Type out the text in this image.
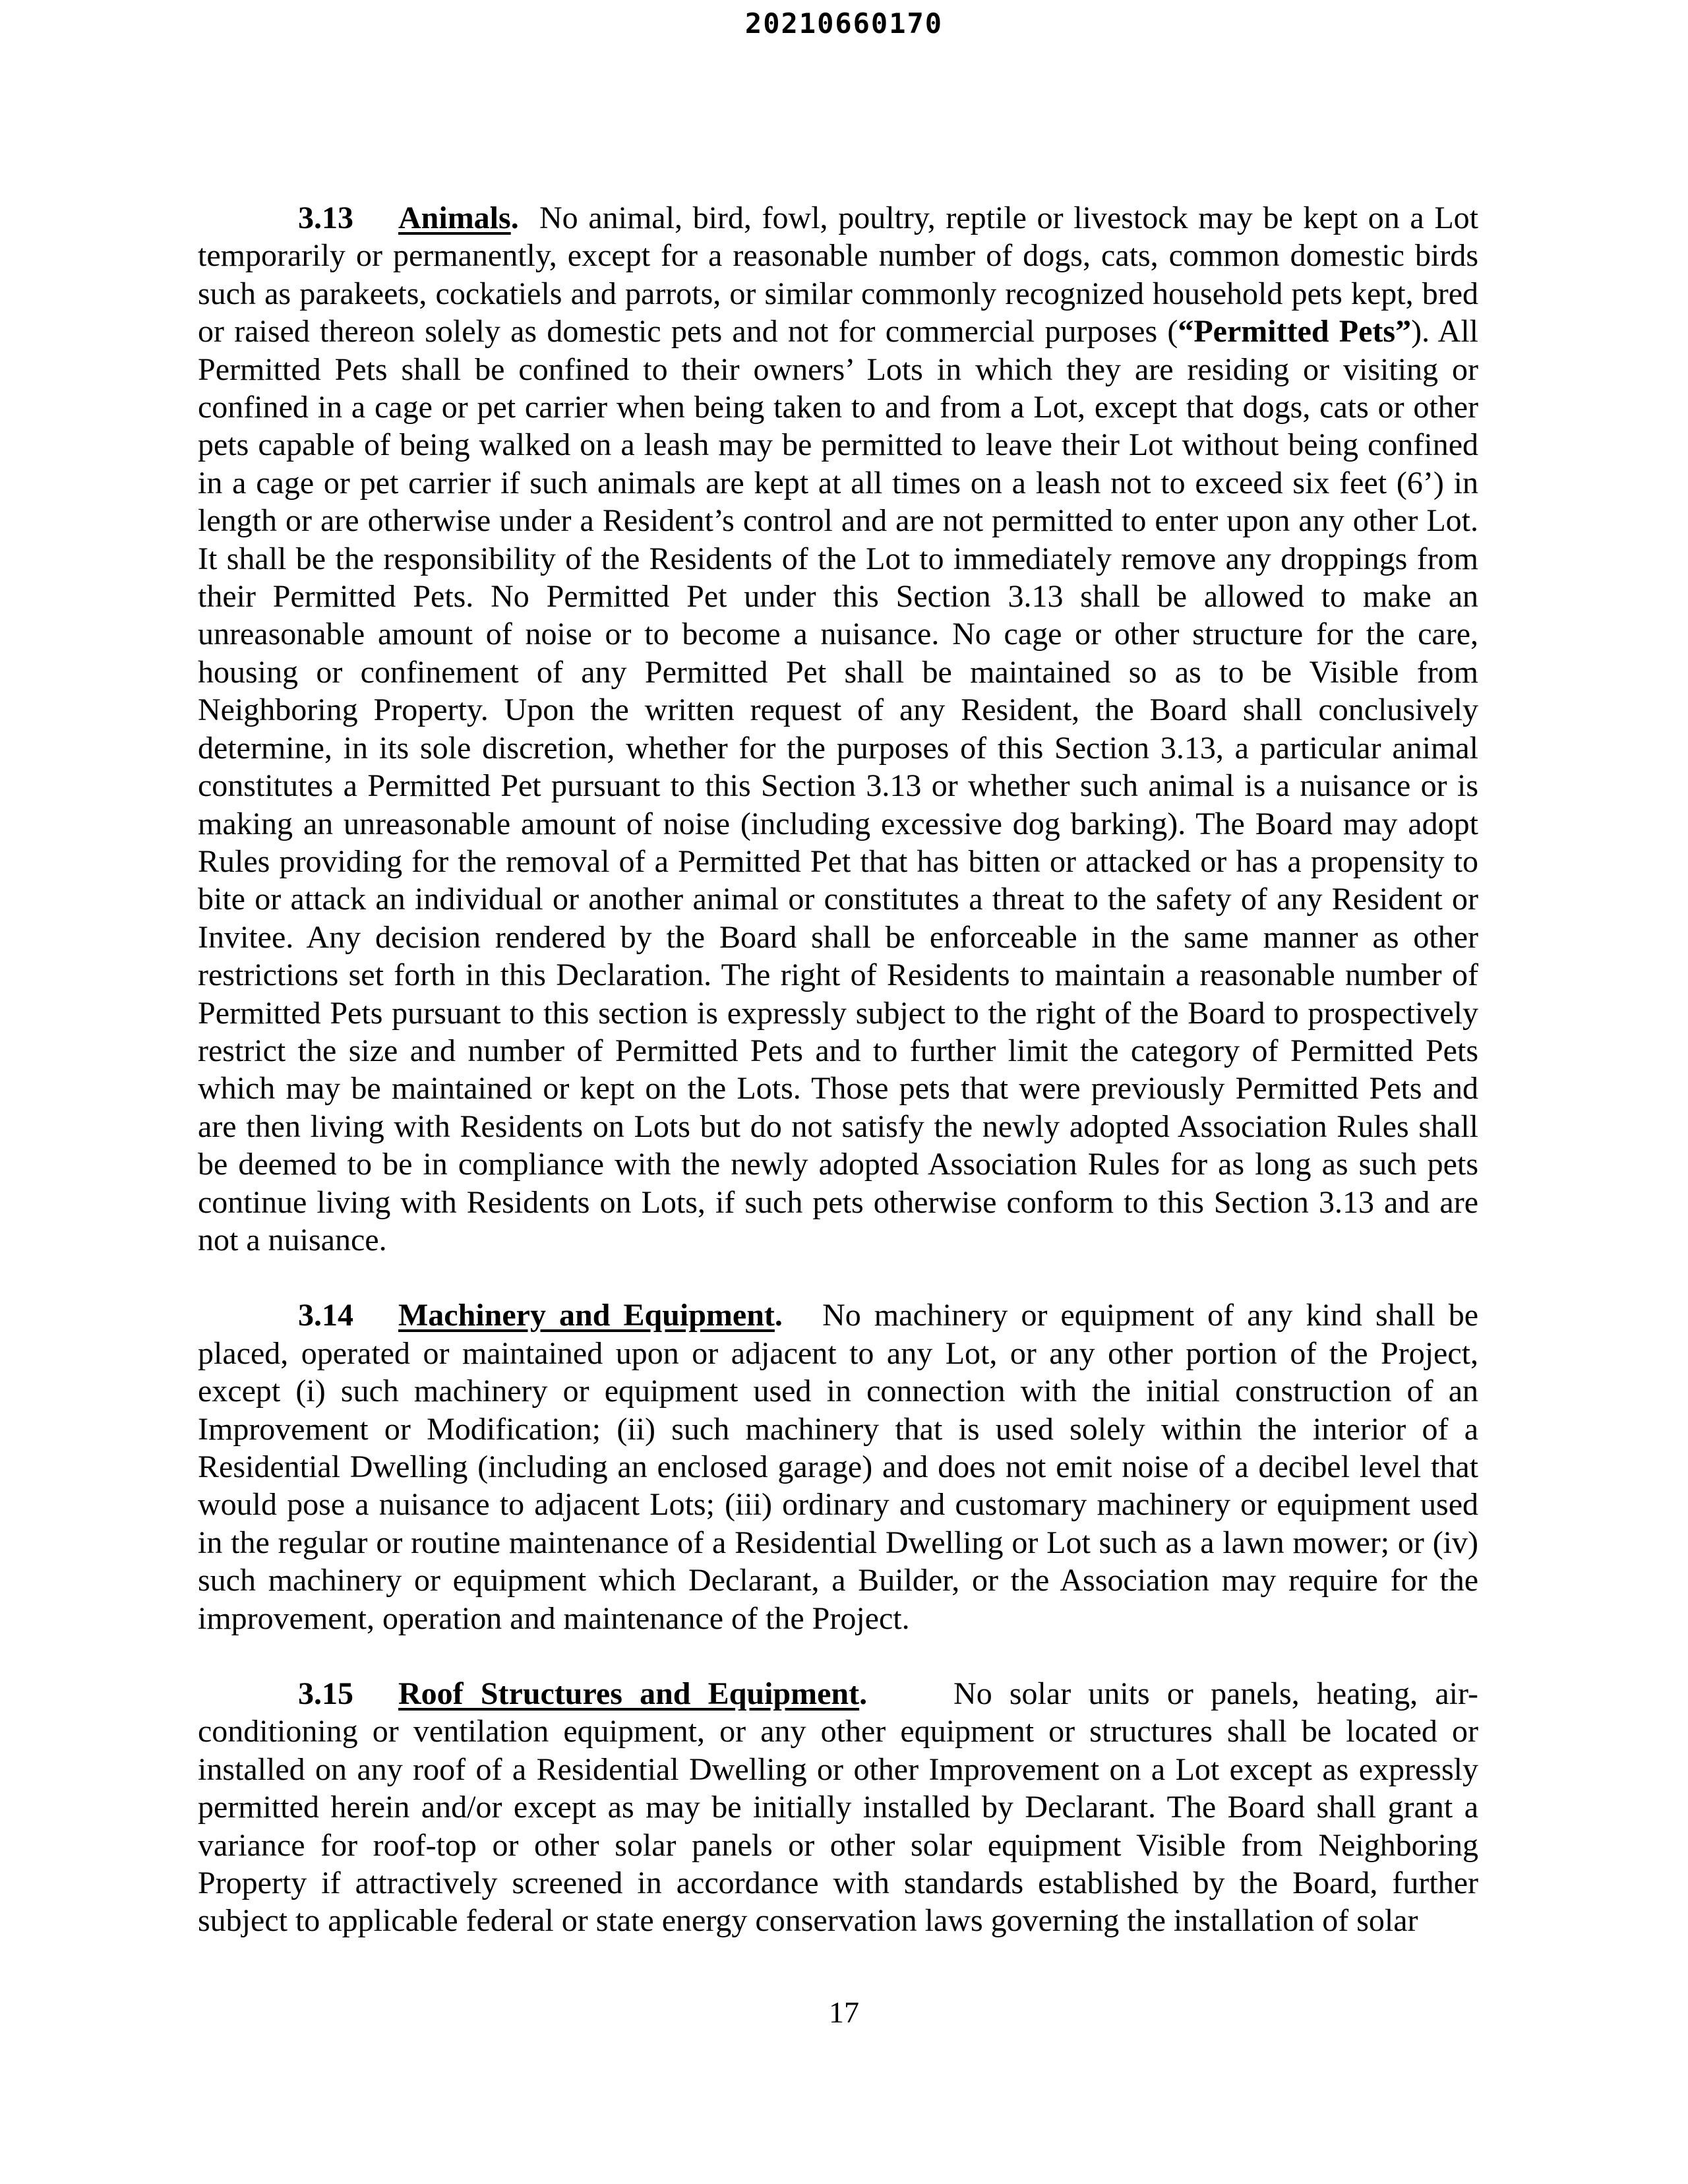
20210660170

3.13 Animals. No animal, bird, fowl, poultry, reptile or livestock may be kept on a Lot temporarily or permanently, except for a reasonable number of dogs, cats, common domestic birds such as parakeets, cockatiels and parrots, or similar commonly recognized household pets kept, bred or raised thereon solely as domestic pets and not for commercial purposes (“Permitted Pets”). All Permitted Pets shall be confined to their owners’ Lots in which they are residing or visiting or confined in a cage or pet carrier when being taken to and from a Lot, except that dogs, cats or other pets capable of being walked on a leash may be permitted to leave their Lot without being confined in a cage or pet carrier if such animals are kept at all times on a leash not to exceed six feet (6’) in length or are otherwise under a Resident’s control and are not permitted to enter upon any other Lot. It shall be the responsibility of the Residents of the Lot to immediately remove any droppings from their Permitted Pets. No Permitted Pet under this Section 3.13 shall be allowed to make an unreasonable amount of noise or to become a nuisance. No cage or other structure for the care, housing or confinement of any Permitted Pet shall be maintained so as to be Visible from Neighboring Property. Upon the written request of any Resident, the Board shall conclusively determine, in its sole discretion, whether for the purposes of this Section 3.13, a particular animal constitutes a Permitted Pet pursuant to this Section 3.13 or whether such animal is a nuisance or is making an unreasonable amount of noise (including excessive dog barking). The Board may adopt Rules providing for the removal of a Permitted Pet that has bitten or attacked or has a propensity to bite or attack an individual or another animal or constitutes a threat to the safety of any Resident or Invitee. Any decision rendered by the Board shall be enforceable in the same manner as other restrictions set forth in this Declaration. The right of Residents to maintain a reasonable number of Permitted Pets pursuant to this section is expressly subject to the right of the Board to prospectively restrict the size and number of Permitted Pets and to further limit the category of Permitted Pets which may be maintained or kept on the Lots. Those pets that were previously Permitted Pets and are then living with Residents on Lots but do not satisfy the newly adopted Association Rules shall be deemed to be in compliance with the newly adopted Association Rules for as long as such pets continue living with Residents on Lots, if such pets otherwise conform to this Section 3.13 and are not a nuisance.

3.14 Machinery and Equipment. No machinery or equipment of any kind shall be placed, operated or maintained upon or adjacent to any Lot, or any other portion of the Project, except (i) such machinery or equipment used in connection with the initial construction of an Improvement or Modification; (ii) such machinery that is used solely within the interior of a Residential Dwelling (including an enclosed garage) and does not emit noise of a decibel level that would pose a nuisance to adjacent Lots; (iii) ordinary and customary machinery or equipment used in the regular or routine maintenance of a Residential Dwelling or Lot such as a lawn mower; or (iv) such machinery or equipment which Declarant, a Builder, or the Association may require for the improvement, operation and maintenance of the Project.

3.15 Roof Structures and Equipment.	No solar units or panels, heating, air-conditioning or ventilation equipment, or any other equipment or structures shall be located or installed on any roof of a Residential Dwelling or other Improvement on a Lot except as expressly permitted herein and/or except as may be initially installed by Declarant. The Board shall grant a variance for roof-top or other solar panels or other solar equipment Visible from Neighboring Property if attractively screened in accordance with standards established by the Board, further subject to applicable federal or state energy conservation laws governing the installation of solar

17
